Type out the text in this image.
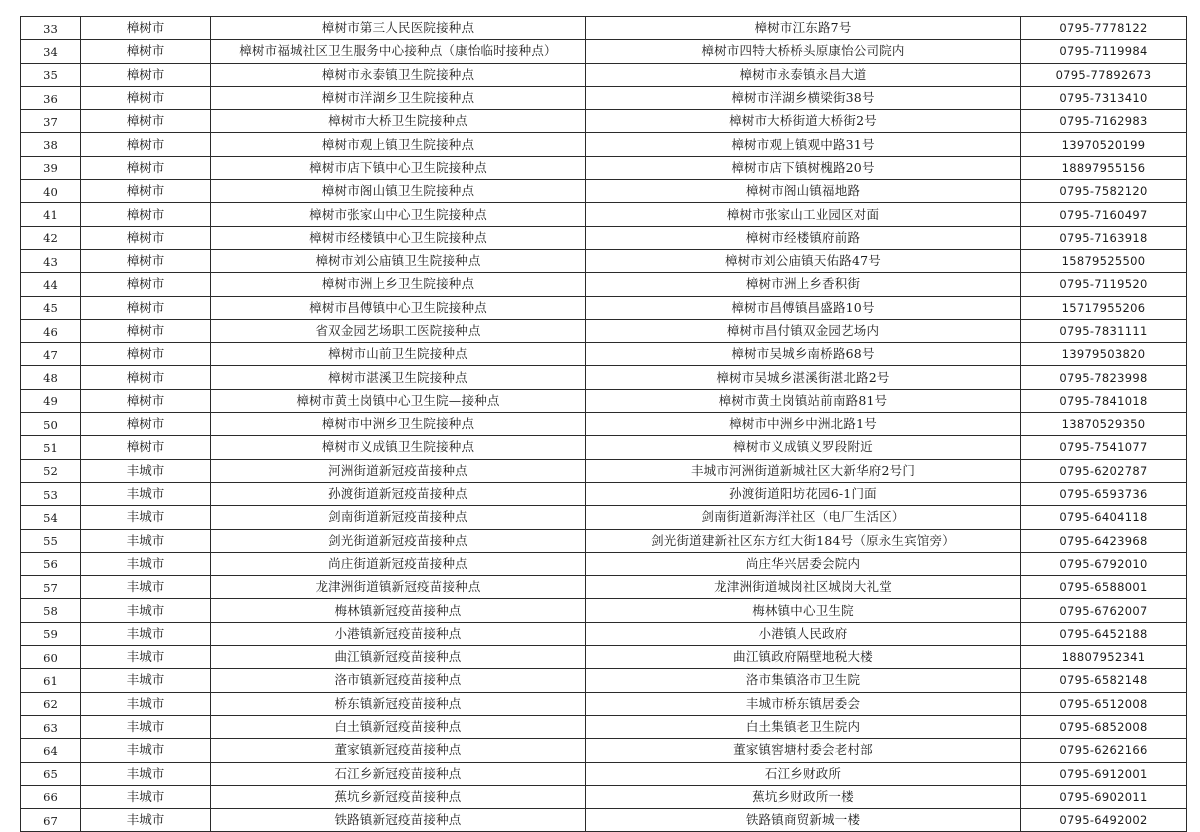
33	樟树市	樟树市第三人民医院接种点	樟树市江东路7号	0795-7778122
34	樟树市	樟树市福城社区卫生服务中心接种点（康怡临时接种点）	樟树市四特大桥桥头原康怡公司院内	0795-7119984
35	樟树市	樟树市永泰镇卫生院接种点	樟树市永泰镇永昌大道	0795-77892673
36	樟树市	樟树市洋湖乡卫生院接种点	樟树市洋湖乡横梁街38号	0795-7313410
37	樟树市	樟树市大桥卫生院接种点	樟树市大桥街道大桥街2号	0795-7162983
38	樟树市	樟树市观上镇卫生院接种点	樟树市观上镇观中路31号	13970520199
39	樟树市	樟树市店下镇中心卫生院接种点	樟树市店下镇树槐路20号	18897955156
40	樟树市	樟树市阁山镇卫生院接种点	樟树市阁山镇福地路	0795-7582120
41	樟树市	樟树市张家山中心卫生院接种点	樟树市张家山工业园区对面	0795-7160497
42	樟树市	樟树市经楼镇中心卫生院接种点	樟树市经楼镇府前路	0795-7163918
43	樟树市	樟树市刘公庙镇卫生院接种点	樟树市刘公庙镇天佑路47号	15879525500
44	樟树市	樟树市洲上乡卫生院接种点	樟树市洲上乡香积街	0795-7119520
45	樟树市	樟树市昌傅镇中心卫生院接种点	樟树市昌傅镇昌盛路10号	15717955206
46	樟树市	省双金园艺场职工医院接种点	樟树市昌付镇双金园艺场内	0795-7831111
47	樟树市	樟树市山前卫生院接种点	樟树市吴城乡南桥路68号	13979503820
48	樟树市	樟树市湛溪卫生院接种点	樟树市吴城乡湛溪街湛北路2号	0795-7823998
49	樟树市	樟树市黄土岗镇中心卫生院—接种点	樟树市黄土岗镇站前南路81号	0795-7841018
50	樟树市	樟树市中洲乡卫生院接种点	樟树市中洲乡中洲北路1号	13870529350
51	樟树市	樟树市义成镇卫生院接种点	樟树市义成镇义罗段附近	0795-7541077
52	丰城市	河洲街道新冠疫苗接种点	丰城市河洲街道新城社区大新华府2号门	0795-6202787
53	丰城市	孙渡街道新冠疫苗接种点	孙渡街道阳坊花园6-1门面	0795-6593736
54	丰城市	剑南街道新冠疫苗接种点	剑南街道新海洋社区（电厂生活区）	0795-6404118
55	丰城市	剑光街道新冠疫苗接种点	剑光街道建新社区东方红大街184号（原永生宾馆旁）	0795-6423968
56	丰城市	尚庄街道新冠疫苗接种点	尚庄华兴居委会院内	0795-6792010
57	丰城市	龙津洲街道镇新冠疫苗接种点	龙津洲街道城岗社区城岗大礼堂	0795-6588001
58	丰城市	梅林镇新冠疫苗接种点	梅林镇中心卫生院	0795-6762007
59	丰城市	小港镇新冠疫苗接种点	小港镇人民政府	0795-6452188
60	丰城市	曲江镇新冠疫苗接种点	曲江镇政府隔壁地税大楼	18807952341
61	丰城市	洛市镇新冠疫苗接种点	洛市集镇洛市卫生院	0795-6582148
62	丰城市	桥东镇新冠疫苗接种点	丰城市桥东镇居委会	0795-6512008
63	丰城市	白土镇新冠疫苗接种点	白土集镇老卫生院内	0795-6852008
64	丰城市	董家镇新冠疫苗接种点	董家镇窖塘村委会老村部	0795-6262166
65	丰城市	石江乡新冠疫苗接种点	石江乡财政所	0795-6912001
66	丰城市	蕉坑乡新冠疫苗接种点	蕉坑乡财政所一楼	0795-6902011
67	丰城市	铁路镇新冠疫苗接种点	铁路镇商贸新城一楼	0795-6492002
